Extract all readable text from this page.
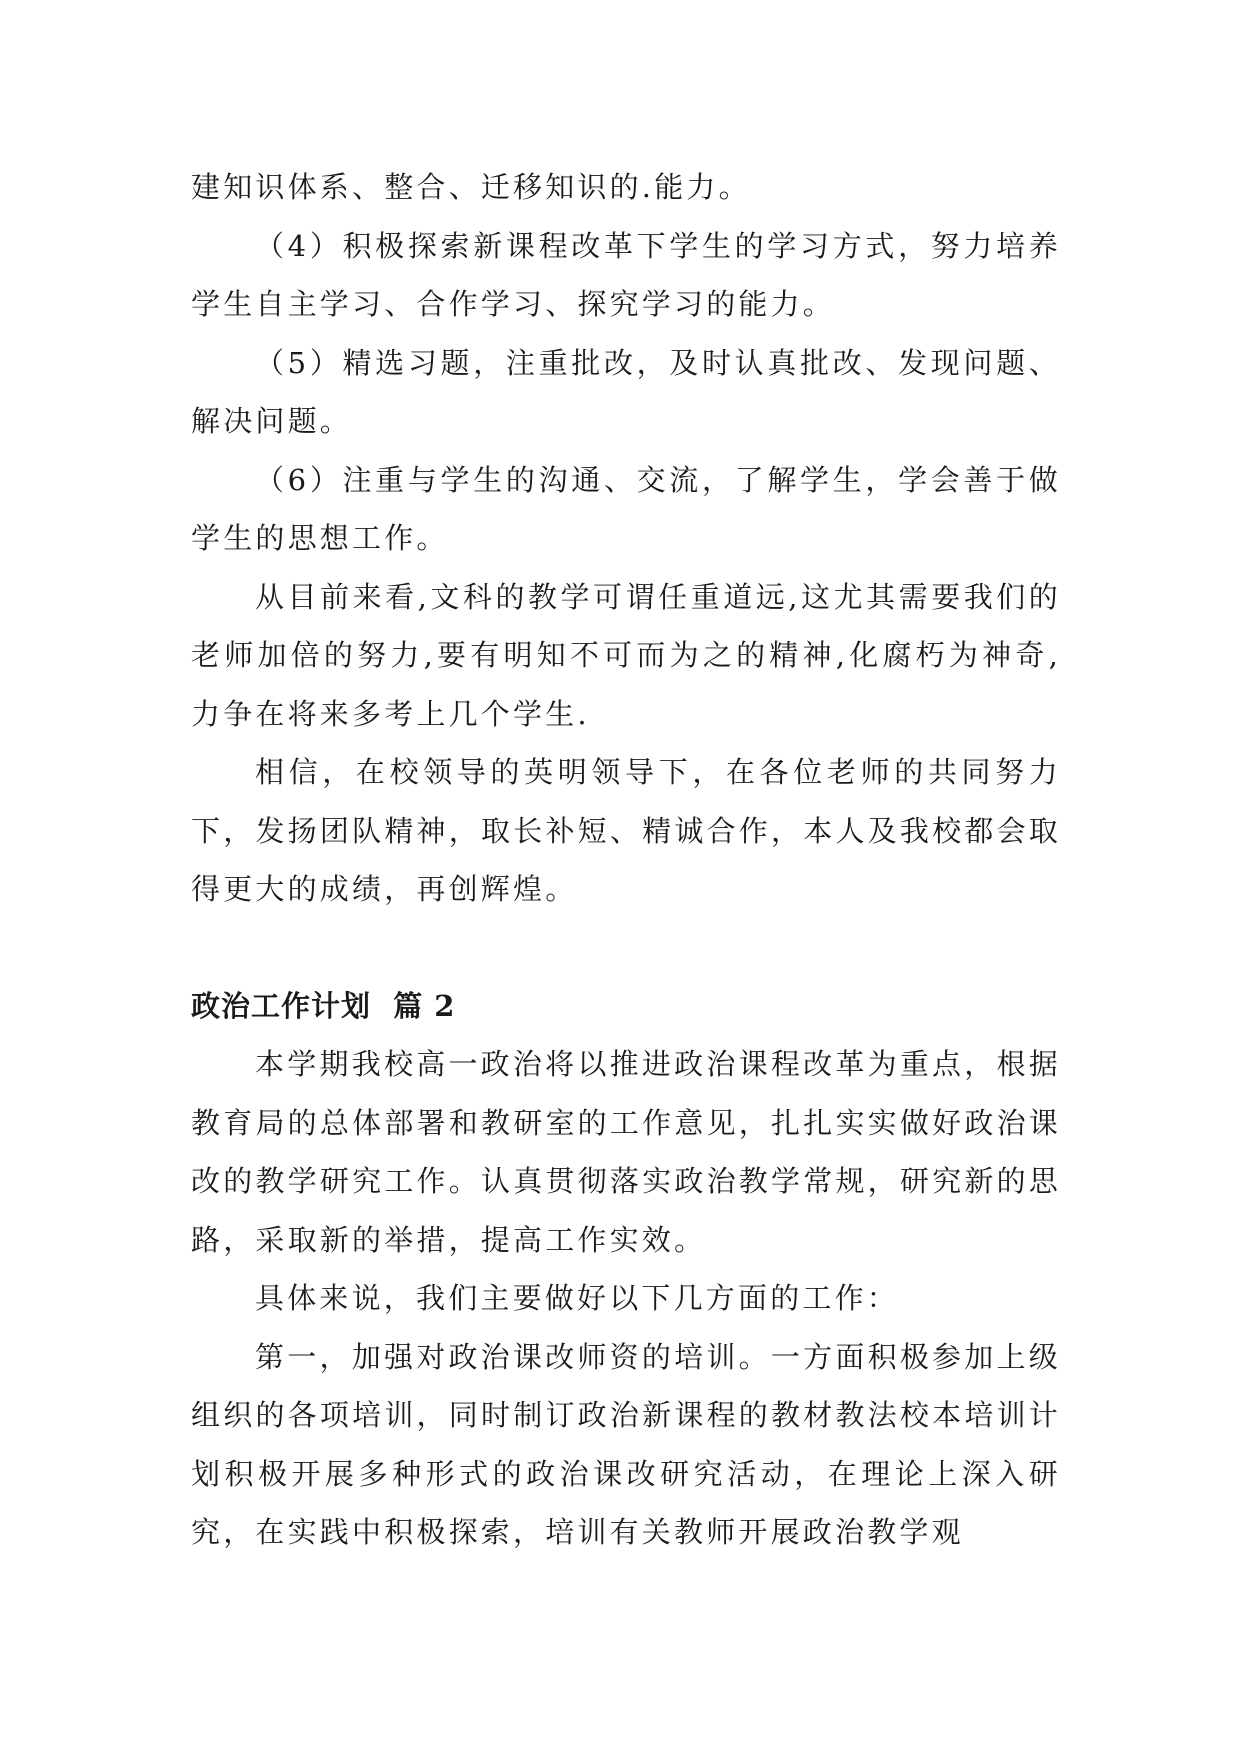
建知识体系、整合、迁移知识的.能力。

（4）积极探索新课程改革下学生的学习方式，努力培养学生自主学习、合作学习、探究学习的能力。

（5）精选习题，注重批改，及时认真批改、发现问题、解决问题。

（6）注重与学生的沟通、交流，了解学生，学会善于做学生的思想工作。

从目前来看,文科的教学可谓任重道远,这尤其需要我们的老师加倍的努力,要有明知不可而为之的精神,化腐朽为神奇,力争在将来多考上几个学生.

相信，在校领导的英明领导下，在各位老师的共同努力下，发扬团队精神，取长补短、精诚合作，本人及我校都会取得更大的成绩，再创辉煌。

政治工作计划  篇 2

本学期我校高一政治将以推进政治课程改革为重点，根据教育局的总体部署和教研室的工作意见，扎扎实实做好政治课改的教学研究工作。认真贯彻落实政治教学常规，研究新的思路，采取新的举措，提高工作实效。

具体来说，我们主要做好以下几方面的工作：

第一，加强对政治课改师资的培训。一方面积极参加上级组织的各项培训，同时制订政治新课程的教材教法校本培训计划积极开展多种形式的政治课改研究活动，在理论上深入研究，在实践中积极探索，培训有关教师开展政治教学观
